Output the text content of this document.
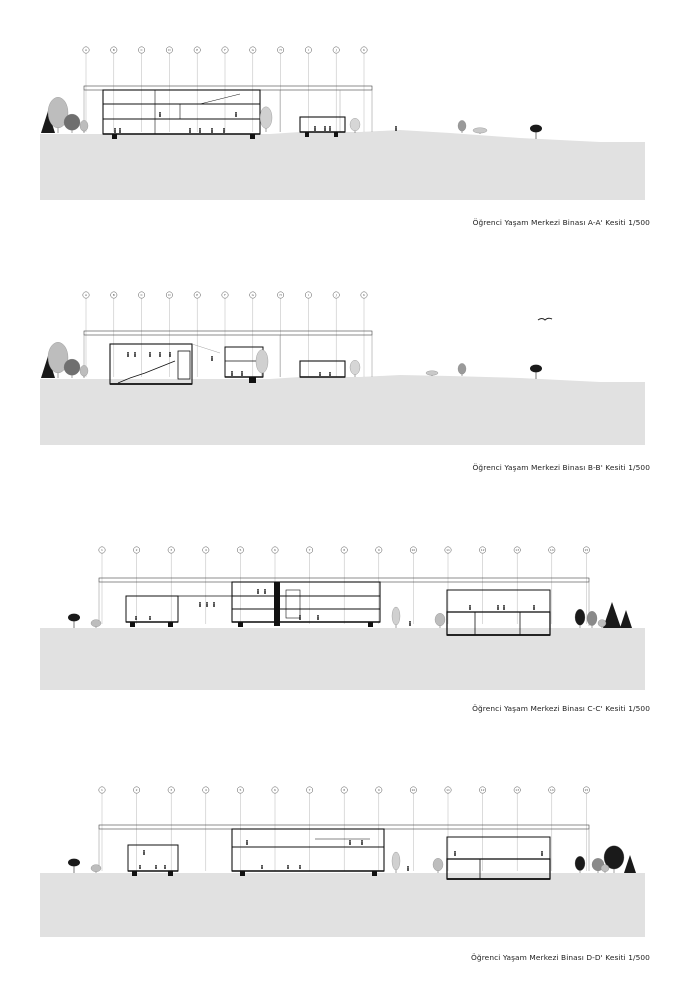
A	B	C	D	E	F	G	H	I	J	K
Öğrenci Yaşam Merkezi Binası A-A' Kesiti 1/500
A	B	C	D	E	F	G	H	I	J	K
Öğrenci Yaşam Merkezi Binası B-B' Kesiti 1/500
1	2	3	4	5	6	7	8	9	10	11	12	13	14	15
Öğrenci Yaşam Merkezi Binası C-C' Kesiti 1/500
1	2	3	4	5	6	7	8	9	10	11	12	13	14	15
Öğrenci Yaşam Merkezi Binası D-D' Kesiti 1/500
